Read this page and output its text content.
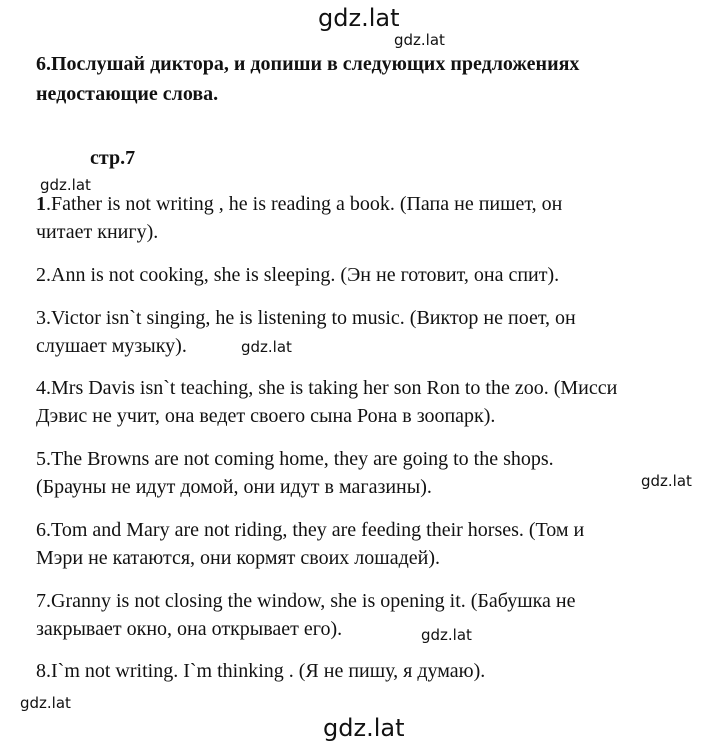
gdz.lat
gdz.lat
gdz.lat
gdz.lat
gdz.lat
gdz.lat
gdz.lat
gdz.lat
6.Послушай диктора, и допиши в следующих предложениях
недостающие слова.
стр.7
1.Father is not writing , he is reading a book. (Папа не пишет, он
читает книгу).
2.Ann is not cooking, she is sleeping. (Эн не готовит, она спит).
3.Victor isn`t singing, he is listening to music. (Виктор не поет, он
слушает музыку).
4.Mrs Davis isn`t teaching, she is taking her son Ron to the zoo. (Мисси
Дэвис не учит, она ведет своего сына Рона в зоопарк).
5.The Browns are not coming home, they are going to the shops.
(Брауны не идут домой, они идут в магазины).
6.Tom and Mary are not riding, they are feeding their horses. (Том и
Мэри не катаются, они кормят своих лошадей).
7.Granny is not closing the window, she is opening it. (Бабушка не
закрывает окно, она открывает его).
8.I`m not writing. I`m thinking . (Я не пишу, я думаю).
